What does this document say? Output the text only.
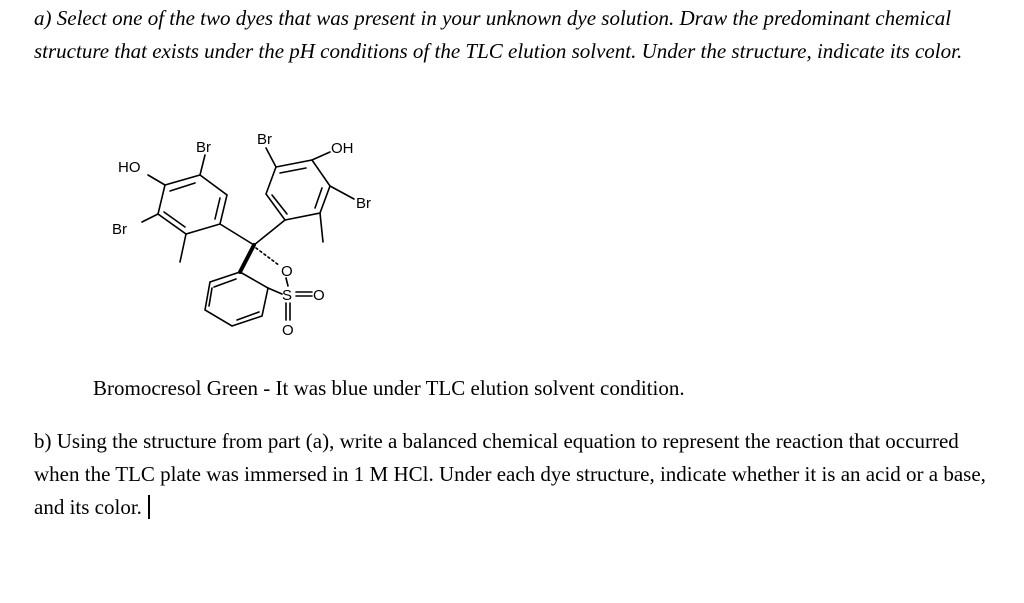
a) Select one of the two dyes that was present in your unknown dye solution. Draw the predominant chemical structure that exists under the pH conditions of the TLC elution solvent. Under the structure, indicate its color.
HO
Br
Br	Br
OH
Br
O
S O
O
Bromocresol Green - It was blue under TLC elution solvent condition.
b) Using the structure from part (a), write a balanced chemical equation to represent the reaction that occurred when the TLC plate was immersed in 1 M HCl. Under each dye structure, indicate whether it is an acid or a base, and its color.
